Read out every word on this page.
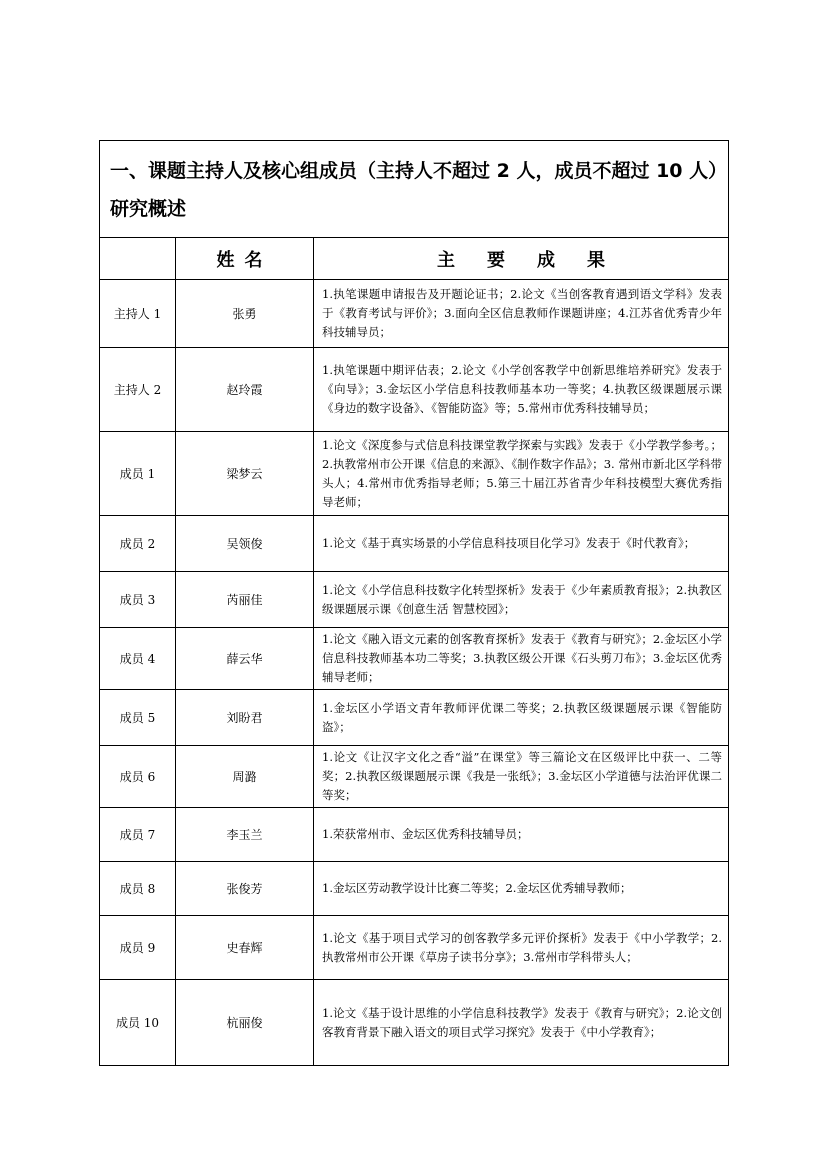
一、课题主持人及核心组成员（主持人不超过 2 人，成员不超过 10 人）研究概述		
	姓名	主 要 成 果
主持人 1	张勇	1.执笔课题申请报告及开题论证书；2.论文《当创客教育遇到语文学科》发表于《教育考试与评价》；3.面向全区信息教师作课题讲座；4.江苏省优秀青少年科技辅导员；
主持人 2	赵玲霞	1.执笔课题中期评估表；2.论文《小学创客教学中创新思维培养研究》发表于《向导》；3.金坛区小学信息科技教师基本功一等奖；4.执教区级课题展示课《身边的数字设备》、《智能防盗》等；5.常州市优秀科技辅导员；
成员 1	梁梦云	1.论文《深度参与式信息科技课堂教学探索与实践》发表于《小学教学参考。；2.执教常州市公开课《信息的来源》、《制作数字作品》；3. 常州市新北区学科带头人；4.常州市优秀指导老师；5.第三十届江苏省青少年科技模型大赛优秀指导老师；
成员 2	吴领俊	1.论文《基于真实场景的小学信息科技项目化学习》发表于《时代教育》；
成员 3	芮丽佳	1.论文《小学信息科技数字化转型探析》发表于《少年素质教育报》；2.执教区级课题展示课《创意生活 智慧校园》；
成员 4	薛云华	1.论文《融入语文元素的创客教育探析》发表于《教育与研究》；2.金坛区小学信息科技教师基本功二等奖；3.执教区级公开课《石头剪刀布》；3.金坛区优秀辅导老师；
成员 5	刘盼君	1.金坛区小学语文青年教师评优课二等奖；2.执教区级课题展示课《智能防盗》；
成员 6	周潞	1.论文《让汉字文化之香“溢”在课堂》等三篇论文在区级评比中获一、二等奖；2.执教区级课题展示课《我是一张纸》；3.金坛区小学道德与法治评优课二等奖；
成员 7	李玉兰	1.荣获常州市、金坛区优秀科技辅导员；
成员 8	张俊芳	1.金坛区劳动教学设计比赛二等奖；2.金坛区优秀辅导教师；
成员 9	史春辉	1.论文《基于项目式学习的创客教学多元评价探析》发表于《中小学教学；2.执教常州市公开课《草房子读书分享》；3.常州市学科带头人；
成员 10	杭丽俊	1.论文《基于设计思维的小学信息科技教学》发表于《教育与研究》；2.论文创客教育背景下融入语文的项目式学习探究》发表于《中小学教育》；
